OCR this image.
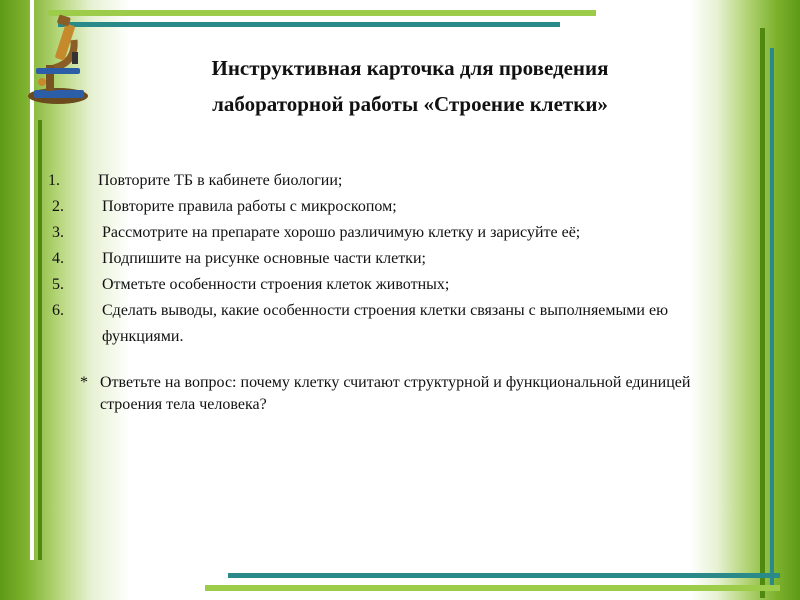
Инструктивная карточка для проведения
лабораторной работы «Строение клетки»
1.	Повторите ТБ в кабинете биологии;
2.	Повторите правила работы с микроскопом;
3.	Рассмотрите на препарате хорошо различимую клетку и зарисуйте её;
4.	Подпишите на рисунке основные части клетки;
5.	Отметьте особенности строения клеток животных;
6.	Сделать выводы, какие особенности строения клетки связаны с выполняемыми ею функциями.
* Ответьте на вопрос: почему клетку считают структурной и функциональной единицей строения тела человека?
